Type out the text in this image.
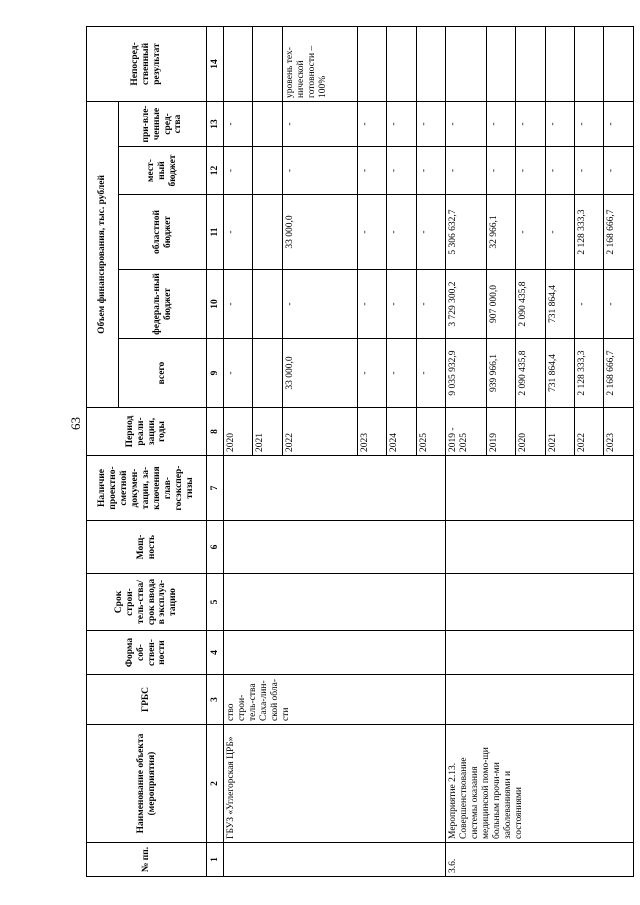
63
№ пп.	Наименование объекта (мероприятия)	ГРБС	Форма соб-ствен-ности	Срок строи-тель-ства/срок ввода в эксплуа-тацию	Мощ-ность	Наличие проектно-сметной докумен-тации, за-ключения глав-госэкспер-тизы	Период реали-зации, годы	Объем финансирования, тыс. рублей					Непосред-ственный результат
								всего	федераль-ный бюджет	областной бюджет	мест-ный бюджет	при-вле-ченные сред-ства	
1	2	3	4	5	6	7	8	9	10	11	12	13	14
	ГБУЗ «Углегорская ЦРБ»	ство строи-тель-ства Саха-лин-ской обла-сти					2020	-	-	-	-	-	
							2021						
							2022	33 000,0	-	33 000,0	-	-	уровень тех-нической готовности – 100%
							2023	-	-	-	-	-	
							2024	-	-	-	-	-	
							2025	-	-	-	-	-	
3.6.	Мероприятие 2.13. Совершенствование системы оказания медицинской помо-щи больным прочи-ми заболеваниями и состояниями						2019 - 2025	9 035 932,9	3 729 300,2	5 306 632,7	-	-	
							2019	939 966,1	907 000,0	32 966,1	-	-	
							2020	2 090 435,8	2 090 435,8	-	-	-	
							2021	731 864,4	731 864,4	-	-	-	
							2022	2 128 333,3	-	2 128 333,3	-	-	
							2023	2 168 666,7	-	2 168 666,7	-	-	
